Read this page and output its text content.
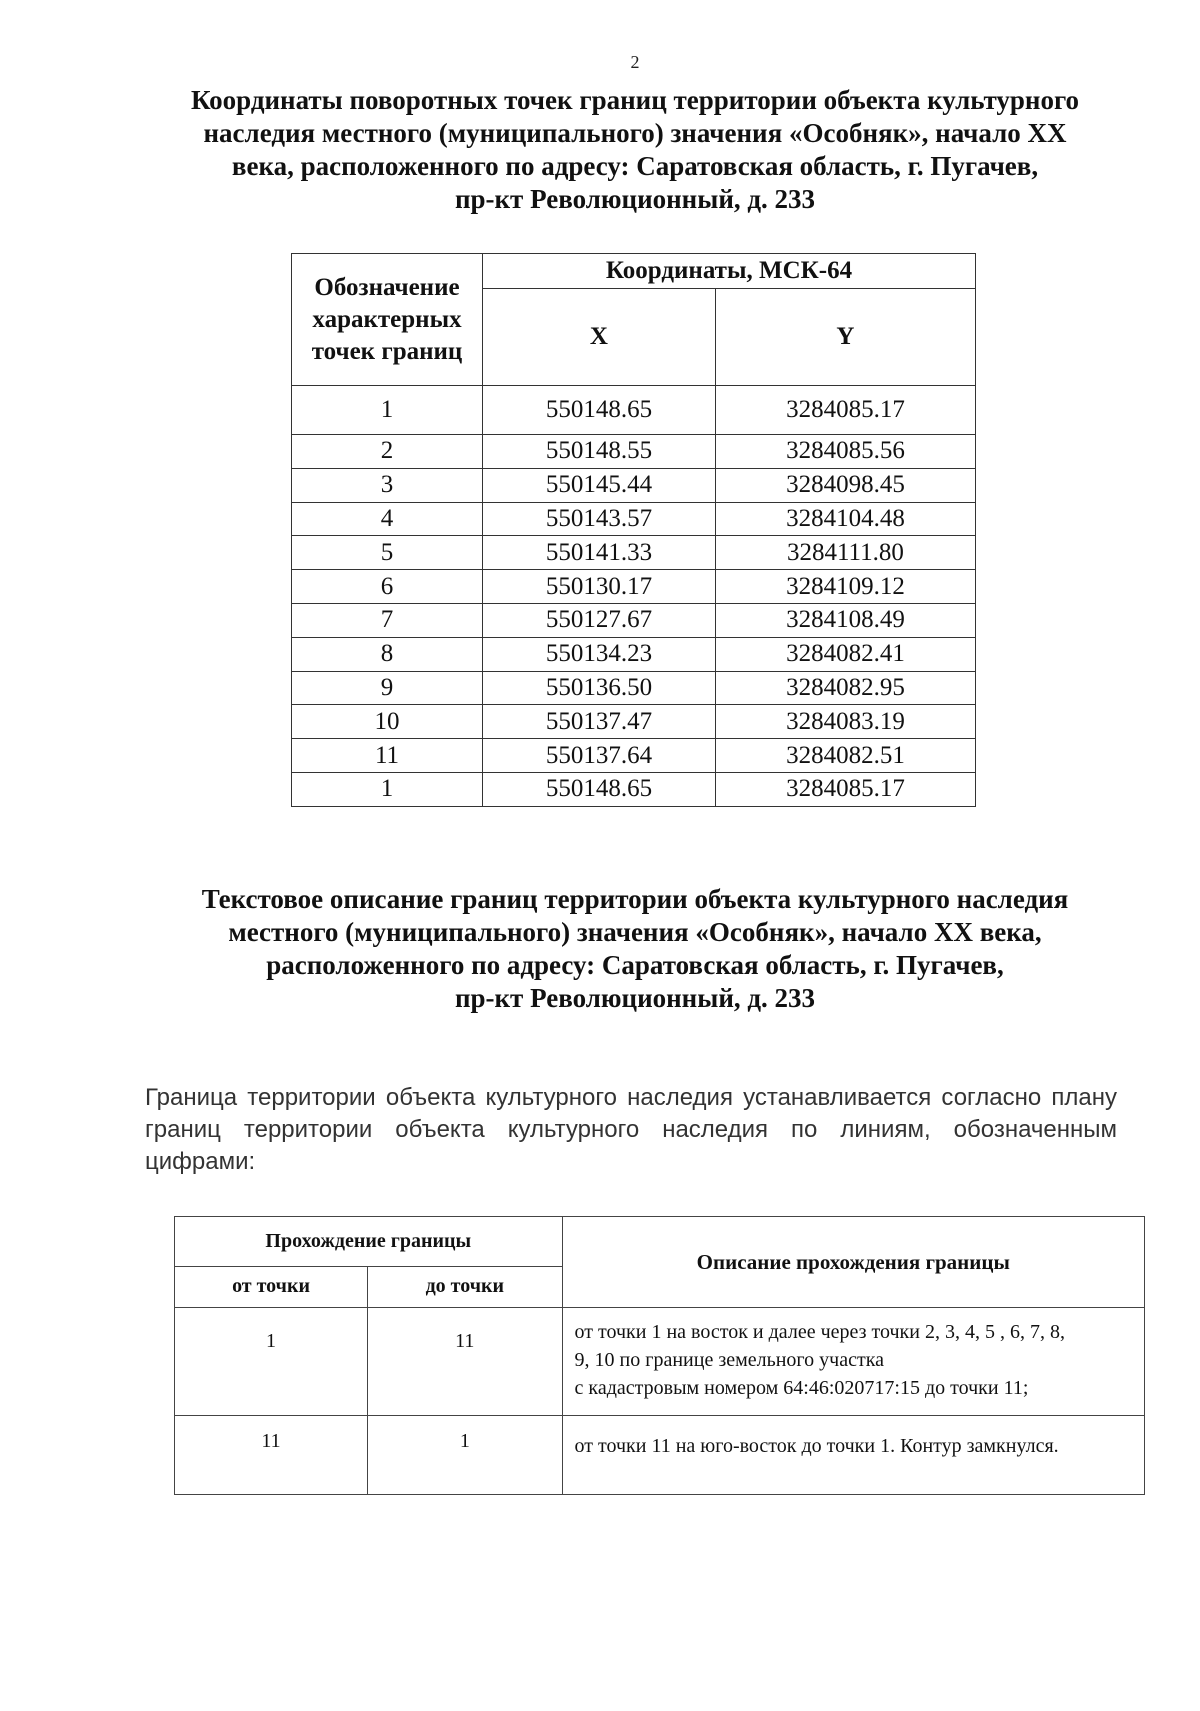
2
Координаты поворотных точек границ территории объекта культурного
наследия местного (муниципального) значения «Особняк», начало XX
века, расположенного по адресу: Саратовская область, г. Пугачев,
пр-кт Революционный, д. 233
Обозначение характерных точек границ	Координаты, МСК-64	
	X	Y
1	550148.65	3284085.17
2	550148.55	3284085.56
3	550145.44	3284098.45
4	550143.57	3284104.48
5	550141.33	3284111.80
6	550130.17	3284109.12
7	550127.67	3284108.49
8	550134.23	3284082.41
9	550136.50	3284082.95
10	550137.47	3284083.19
11	550137.64	3284082.51
1	550148.65	3284085.17
Текстовое описание границ территории объекта культурного наследия
местного (муниципального) значения «Особняк», начало XX века,
расположенного по адресу: Саратовская область, г. Пугачев,
пр-кт Революционный, д. 233

Граница территории объекта культурного наследия устанавливается согласно плану границ территории объекта культурного наследия по линиям, обозначенным цифрами:

Прохождение границы		Описание прохождения границы
от точки	до точки	
1	11	от точки 1 на восток и далее через точки 2, 3, 4, 5 , 6, 7, 8,
9, 10 по границе земельного участка
с кадастровым номером 64:46:020717:15 до точки 11;

11	1	от точки 11 на юго-восток до точки 1. Контур замкнулся.
